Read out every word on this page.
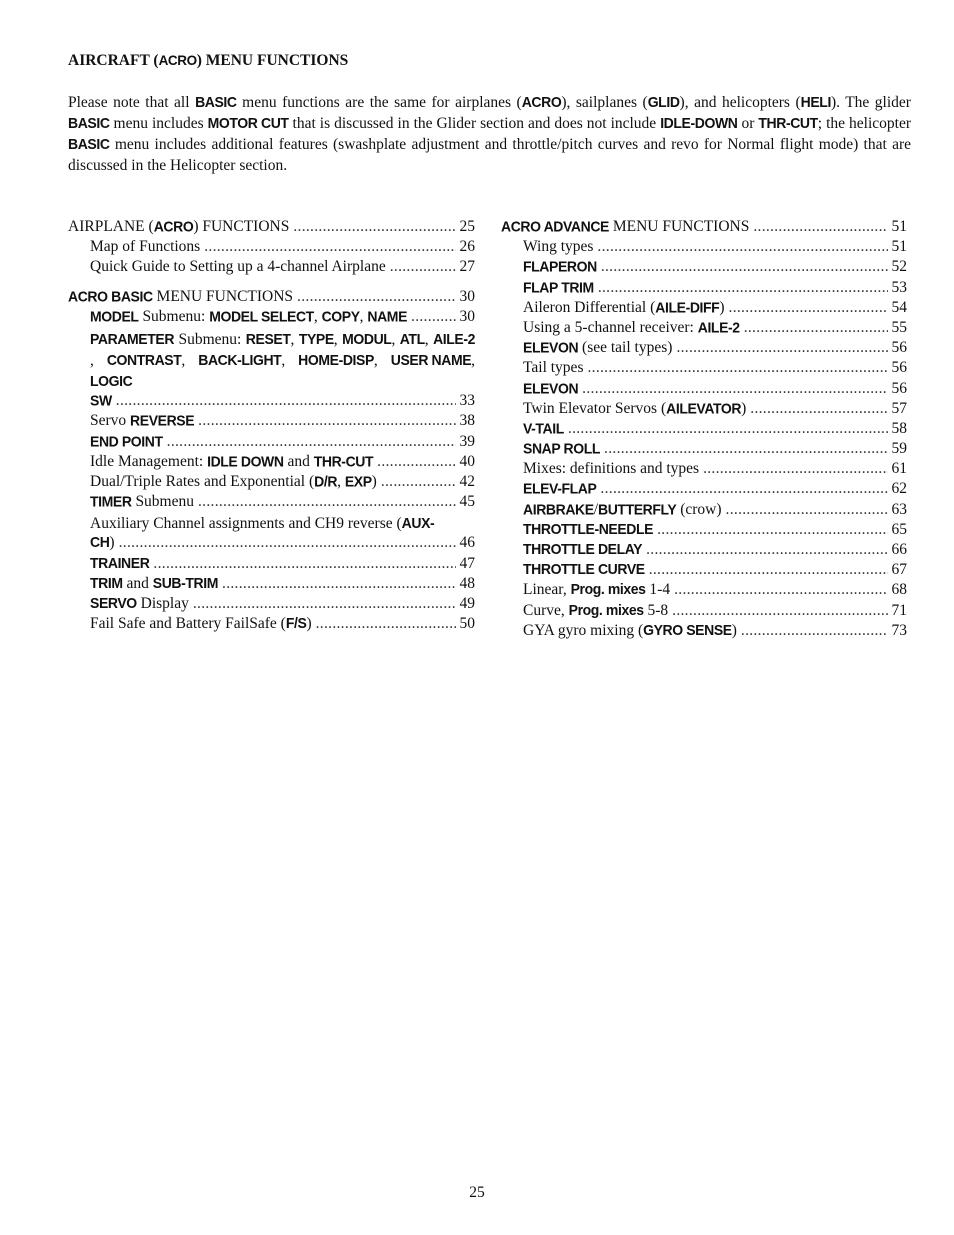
AIRCRAFT (ACRO) MENU FUNCTIONS
Please note that all BASIC menu functions are the same for airplanes (ACRO), sailplanes (GLID), and helicopters (HELI). The glider BASIC menu includes MOTOR CUT that is discussed in the Glider section and does not include IDLE-DOWN or THR-CUT; the helicopter BASIC menu includes additional features (swashplate adjustment and throttle/pitch curves and revo for Normal flight mode) that are discussed in the Helicopter section.
AIRPLANE (ACRO) FUNCTIONS .....	25
Map of Functions .....	26
Quick Guide to Setting up a 4-channel Airplane .....	27
ACRO BASIC MENU FUNCTIONS .....	30
MODEL Submenu: MODEL SELECT, COPY, NAME .....	30
PARAMETER Submenu: RESET, TYPE, MODUL, ATL, AILE-2, CONTRAST, BACK-LIGHT, HOME-DISP, USER NAME, LOGIC
SW .....	33
Servo REVERSE .....	38
END POINT .....	39
Idle Management: IDLE DOWN and THR-CUT .....	40
Dual/Triple Rates and Exponential (D/R, EXP) .....	42
TIMER Submenu .....	45
Auxiliary Channel assignments and CH9 reverse (AUX-
CH) .....	46
TRAINER .....	47
TRIM and SUB-TRIM .....	48
SERVO Display .....	49
Fail Safe and Battery FailSafe (F/S) .....	50
ACRO ADVANCE MENU FUNCTIONS .....	51
Wing types .....	51
FLAPERON .....	52
FLAP TRIM .....	53
Aileron Differential (AILE-DIFF) .....	54
Using a 5-channel receiver: AILE-2 .....	55
ELEVON (see tail types) .....	56
Tail types .....	56
ELEVON .....	56
Twin Elevator Servos (AILEVATOR) .....	57
V-TAIL .....	58
SNAP ROLL .....	59
Mixes: definitions and types .....	61
ELEV-FLAP .....	62
AIRBRAKE/BUTTERFLY (crow) .....	63
THROTTLE-NEEDLE .....	65
THROTTLE DELAY .....	66
THROTTLE CURVE .....	67
Linear, Prog. mixes 1-4 .....	68
Curve, Prog. mixes 5-8 .....	71
GYA gyro mixing (GYRO SENSE) .....	73
25
